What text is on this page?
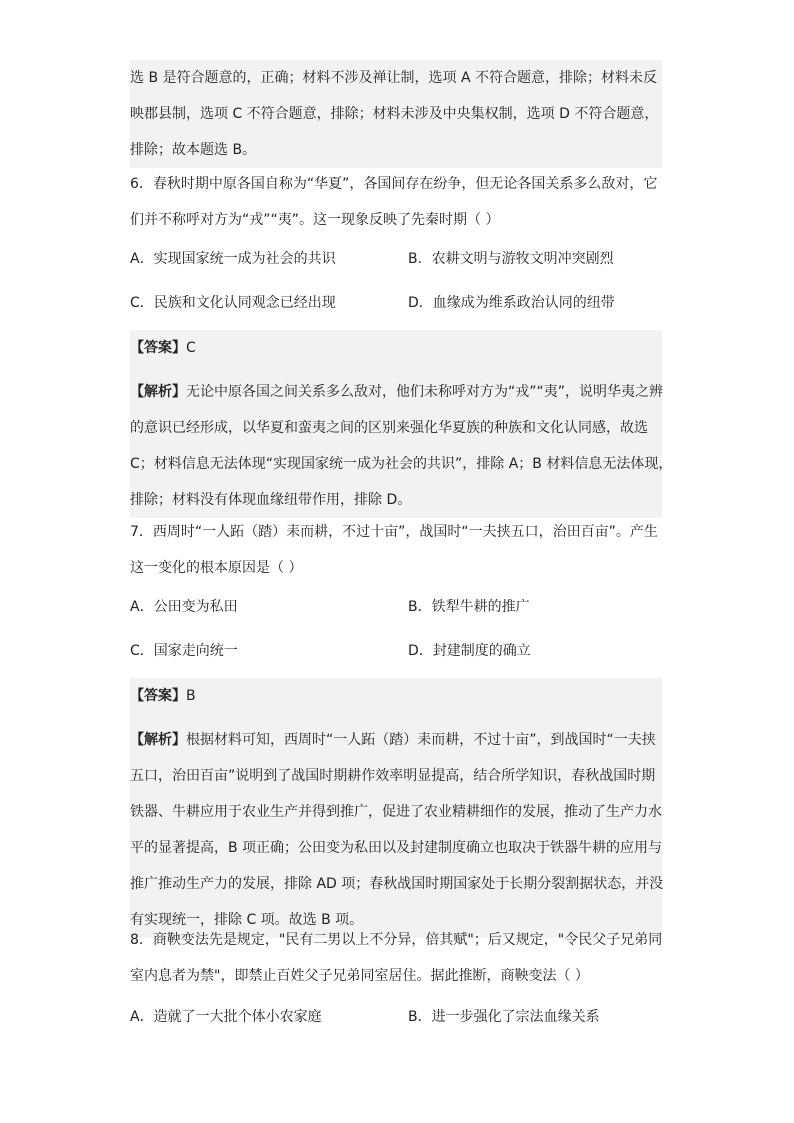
选 B 是符合题意的，正确；材料不涉及禅让制，选项 A 不符合题意，排除；材料未反
映郡县制，选项 C 不符合题意，排除；材料未涉及中央集权制，选项 D 不符合题意，
排除；故本题选 B。
6．春秋时期中原各国自称为“华夏”，各国间存在纷争，但无论各国关系多么敌对，它
们并不称呼对方为“戎”“夷”。这一现象反映了先秦时期（ ）
A．实现国家统一成为社会的共识	B．农耕文明与游牧文明冲突剧烈
C．民族和文化认同观念已经出现	D．血缘成为维系政治认同的纽带
【答案】C
【解析】无论中原各国之间关系多么敌对，他们未称呼对方为“戎”“夷”，说明华夷之辨
的意识已经形成，以华夏和蛮夷之间的区别来强化华夏族的种族和文化认同感，故选
C；材料信息无法体现“实现国家统一成为社会的共识”，排除 A；B 材料信息无法体现，
排除；材料没有体现血缘纽带作用，排除 D。
7．西周时“一人跖（踏）耒而耕，不过十亩”，战国时“一夫挟五口，治田百亩”。产生
这一变化的根本原因是（ ）
A．公田变为私田	B．铁犁牛耕的推广
C．国家走向统一	D．封建制度的确立
【答案】B
【解析】根据材料可知，西周时“一人跖（踏）耒而耕，不过十亩”，到战国时“一夫挟
五口，治田百亩”说明到了战国时期耕作效率明显提高，结合所学知识，春秋战国时期
铁器、牛耕应用于农业生产并得到推广，促进了农业精耕细作的发展，推动了生产力水
平的显著提高，B 项正确；公田变为私田以及封建制度确立也取决于铁器牛耕的应用与
推广推动生产力的发展，排除 AD 项；春秋战国时期国家处于长期分裂割据状态，并没
有实现统一，排除 C 项。故选 B 项。
8．商鞅变法先是规定，"民有二男以上不分异，倍其赋"；后又规定，"令民父子兄弟同
室内息者为禁"，即禁止百姓父子兄弟同室居住。据此推断，商鞅变法（ ）
A．造就了一大批个体小农家庭	B．进一步强化了宗法血缘关系
